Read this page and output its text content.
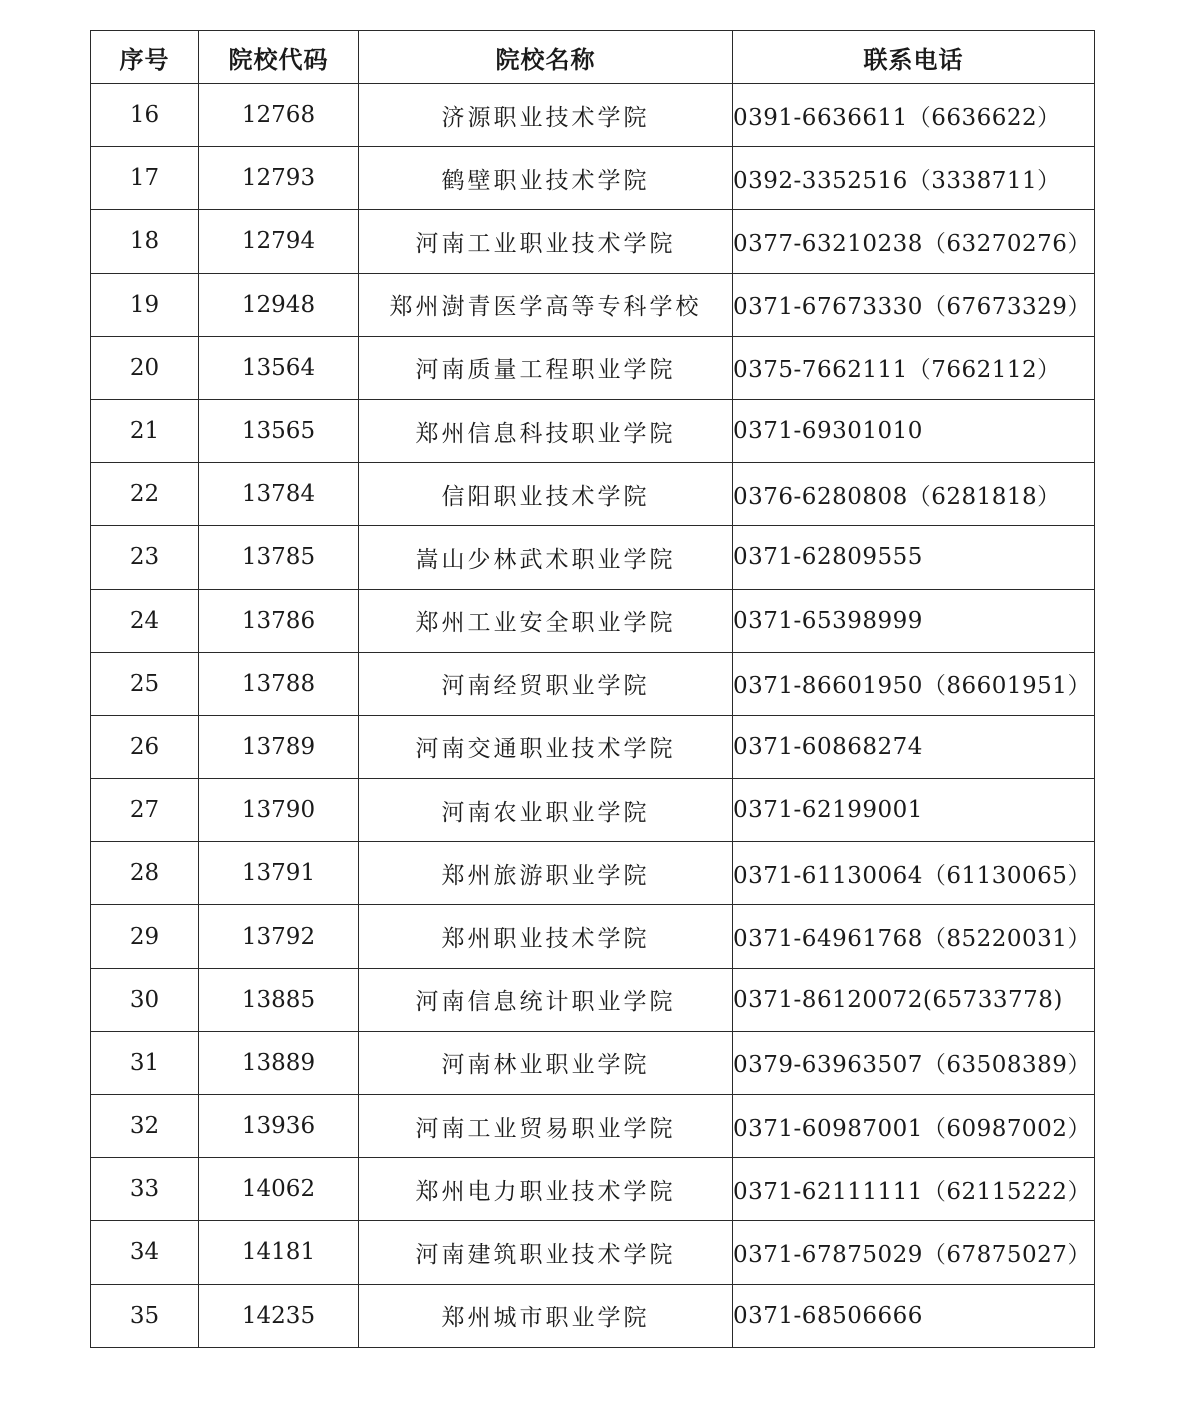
序号	院校代码	院校名称	联系电话
16	12768	济源职业技术学院	0391-6636611（6636622）
17	12793	鹤壁职业技术学院	0392-3352516（3338711）
18	12794	河南工业职业技术学院	0377-63210238（63270276）
19	12948	郑州澍青医学高等专科学校	0371-67673330（67673329）
20	13564	河南质量工程职业学院	0375-7662111（7662112）
21	13565	郑州信息科技职业学院	0371-69301010
22	13784	信阳职业技术学院	0376-6280808（6281818）
23	13785	嵩山少林武术职业学院	0371-62809555
24	13786	郑州工业安全职业学院	0371-65398999
25	13788	河南经贸职业学院	0371-86601950（86601951）
26	13789	河南交通职业技术学院	0371-60868274
27	13790	河南农业职业学院	0371-62199001
28	13791	郑州旅游职业学院	0371-61130064（61130065）
29	13792	郑州职业技术学院	0371-64961768（85220031）
30	13885	河南信息统计职业学院	0371-86120072(65733778)
31	13889	河南林业职业学院	0379-63963507（63508389）
32	13936	河南工业贸易职业学院	0371-60987001（60987002）
33	14062	郑州电力职业技术学院	0371-62111111（62115222）
34	14181	河南建筑职业技术学院	0371-67875029（67875027）
35	14235	郑州城市职业学院	0371-68506666
